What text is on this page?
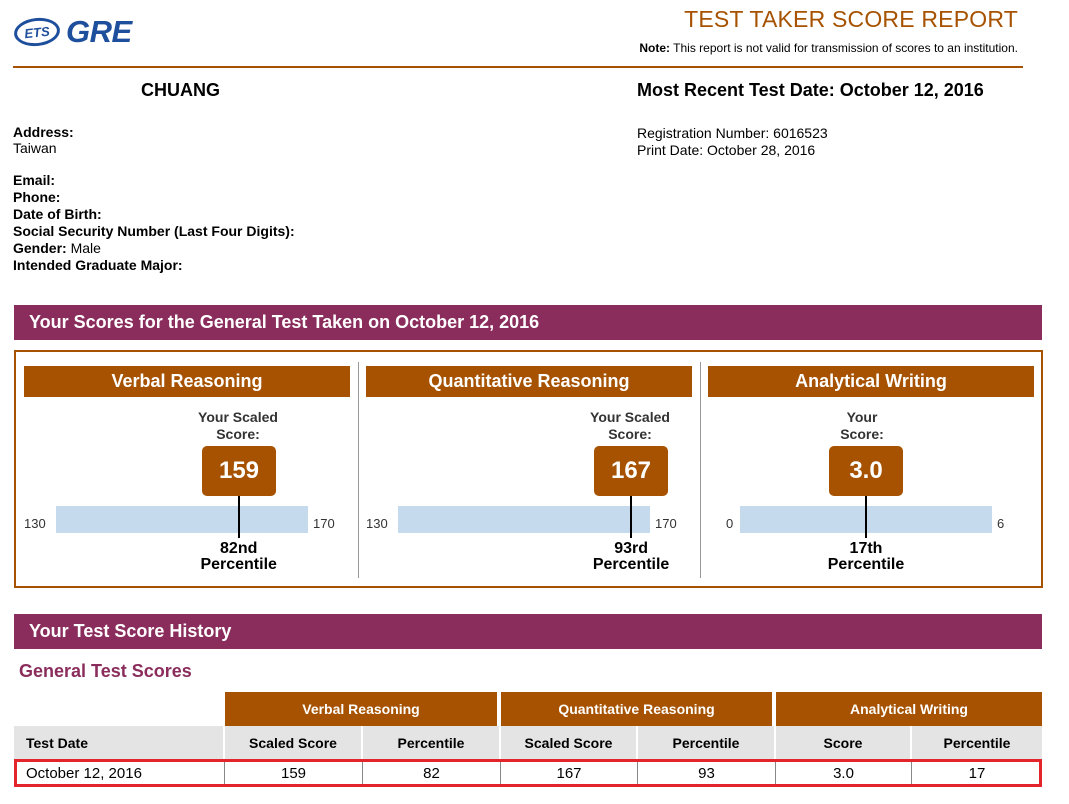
ETS GRE	TEST TAKER SCORE REPORT
Note: This report is not valid for transmission of scores to an institution.
CHUANG	Most Recent Test Date: October 12, 2016
Address:
Taiwan
Email:
Phone:
Date of Birth:
Social Security Number (Last Four Digits):
Gender: Male
Intended Graduate Major:
Registration Number: 6016523
Print Date: October 28, 2016
Your Scores for the General Test Taken on October 12, 2016
Verbal Reasoning
Your Scaled
Score:
159
130	170
82nd
Percentile
Quantitative Reasoning
Your Scaled
Score:
167
130	170
93rd
Percentile
Analytical Writing
Your
Score:
3.0
0	6
17th
Percentile
Your Test Score History
General Test Scores
Verbal Reasoning	Quantitative Reasoning	Analytical Writing
Test Date	Scaled Score	Percentile	Scaled Score	Percentile	Score	Percentile
October 12, 2016	159	82	167	93	3.0	17
